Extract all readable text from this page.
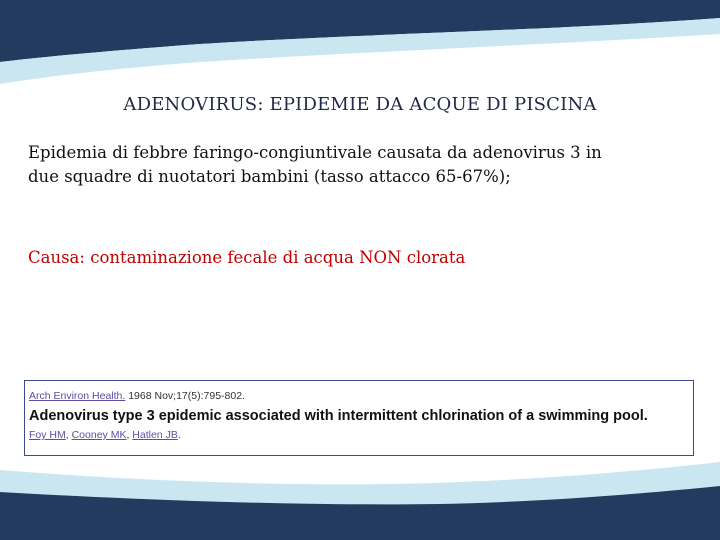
ADENOVIRUS: EPIDEMIE DA ACQUE DI PISCINA
Epidemia di febbre faringo-congiuntivale causata da adenovirus 3 in
due squadre di nuotatori bambini (tasso attacco 65-67%);
Causa: contaminazione fecale di acqua NON clorata
Arch Environ Health. 1968 Nov;17(5):795-802.
Adenovirus type 3 epidemic associated with intermittent chlorination of a swimming pool.
Foy HM, Cooney MK, Hatlen JB.
